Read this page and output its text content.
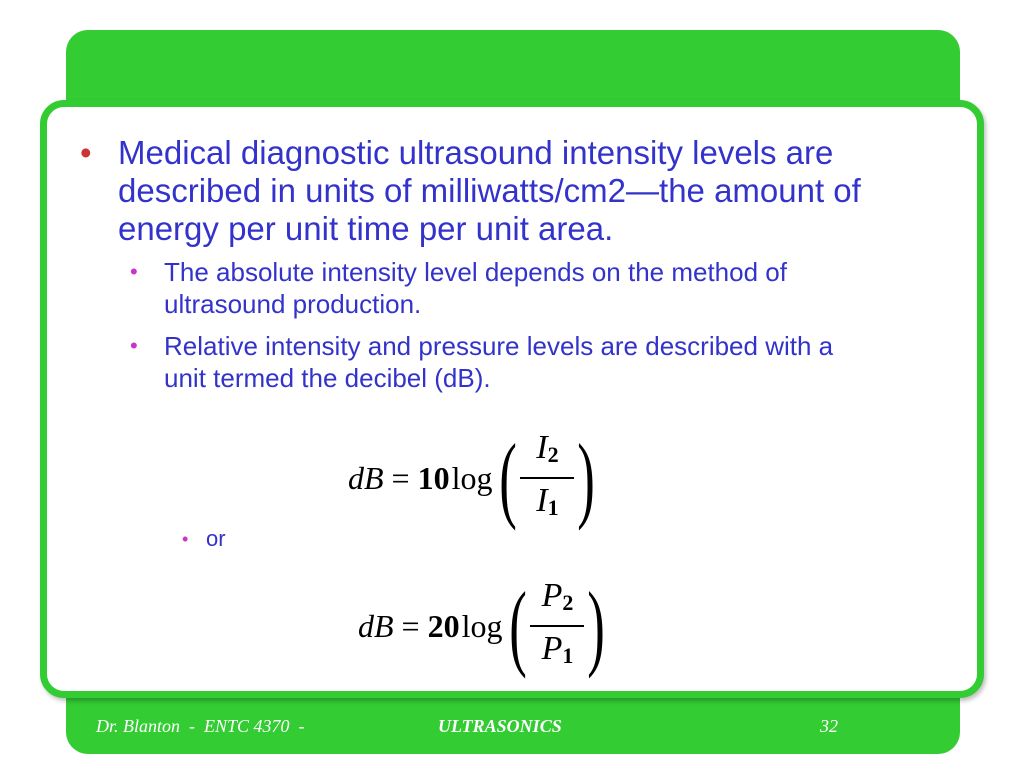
• Medical diagnostic ultrasound intensity levels are described in units of milliwatts/cm2—the amount of energy per unit time per unit area.
•	The absolute intensity level depends on the method of ultrasound production.
•	Relative intensity and pressure levels are described with a unit termed the decibel (dB).
dB = 10 log ( $\frac{I_2}{I_1}$ )
• or
dB = 20 log ( $\frac{P_2}{P_1}$ )
Dr. Blanton  -  ENTC 4370  -	ULTRASONICS	32
